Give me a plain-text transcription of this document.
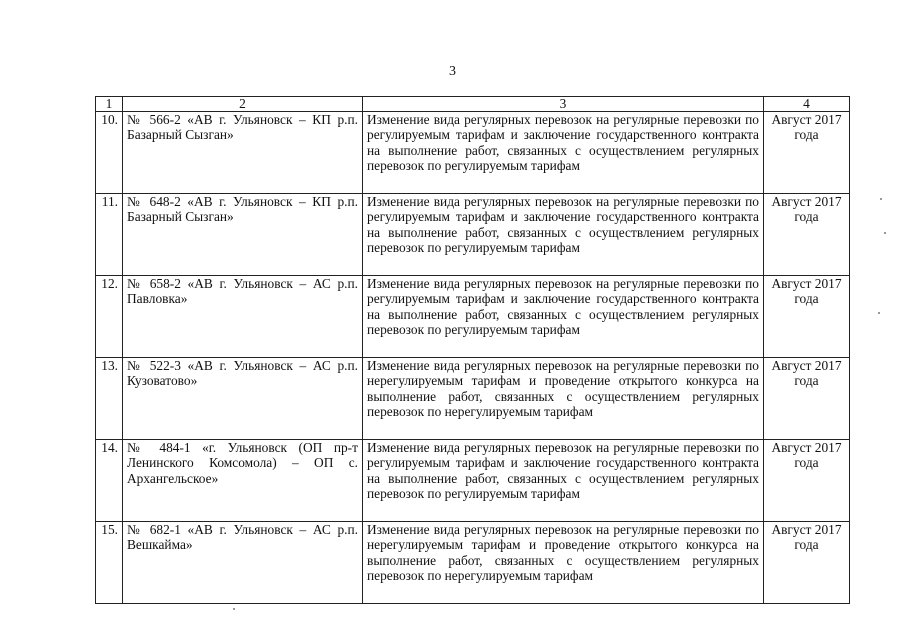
3
1	2	3	4
10.	№ 566-2 «АВ г. Ульяновск – КП р.п. Базарный Сызган»	Изменение вида регулярных перевозок на регулярные перевозки по регулируемым тарифам и заключение государственного контракта на выполнение работ, связанных с осуществлением регулярных перевозок по регулируемым тарифам	Август 2017 года
11.	№ 648-2 «АВ г. Ульяновск – КП р.п. Базарный Сызган»	Изменение вида регулярных перевозок на регулярные перевозки по регулируемым тарифам и заключение государственного контракта на выполнение работ, связанных с осуществлением регулярных перевозок по регулируемым тарифам	Август 2017 года
12.	№ 658-2 «АВ г. Ульяновск – АС р.п. Павловка»	Изменение вида регулярных перевозок на регулярные перевозки по регулируемым тарифам и заключение государственного контракта на выполнение работ, связанных с осуществлением регулярных перевозок по регулируемым тарифам	Август 2017 года
13.	№ 522-3 «АВ г. Ульяновск – АС р.п. Кузоватово»	Изменение вида регулярных перевозок на регулярные перевозки по нерегулируемым тарифам и проведение открытого конкурса на выполнение работ, связанных с осуществлением регулярных перевозок по нерегулируемым тарифам	Август 2017 года
14.	№ 484-1 «г. Ульяновск (ОП пр-т Ленинского Комсомола) – ОП с. Архангельское»	Изменение вида регулярных перевозок на регулярные перевозки по регулируемым тарифам и заключение государственного контракта на выполнение работ, связанных с осуществлением регулярных перевозок по регулируемым тарифам	Август 2017 года
15.	№ 682-1 «АВ г. Ульяновск – АС р.п. Вешкайма»	Изменение вида регулярных перевозок на регулярные перевозки по нерегулируемым тарифам и проведение открытого конкурса на выполнение работ, связанных с осуществлением регулярных перевозок по нерегулируемым тарифам	Август 2017 года
